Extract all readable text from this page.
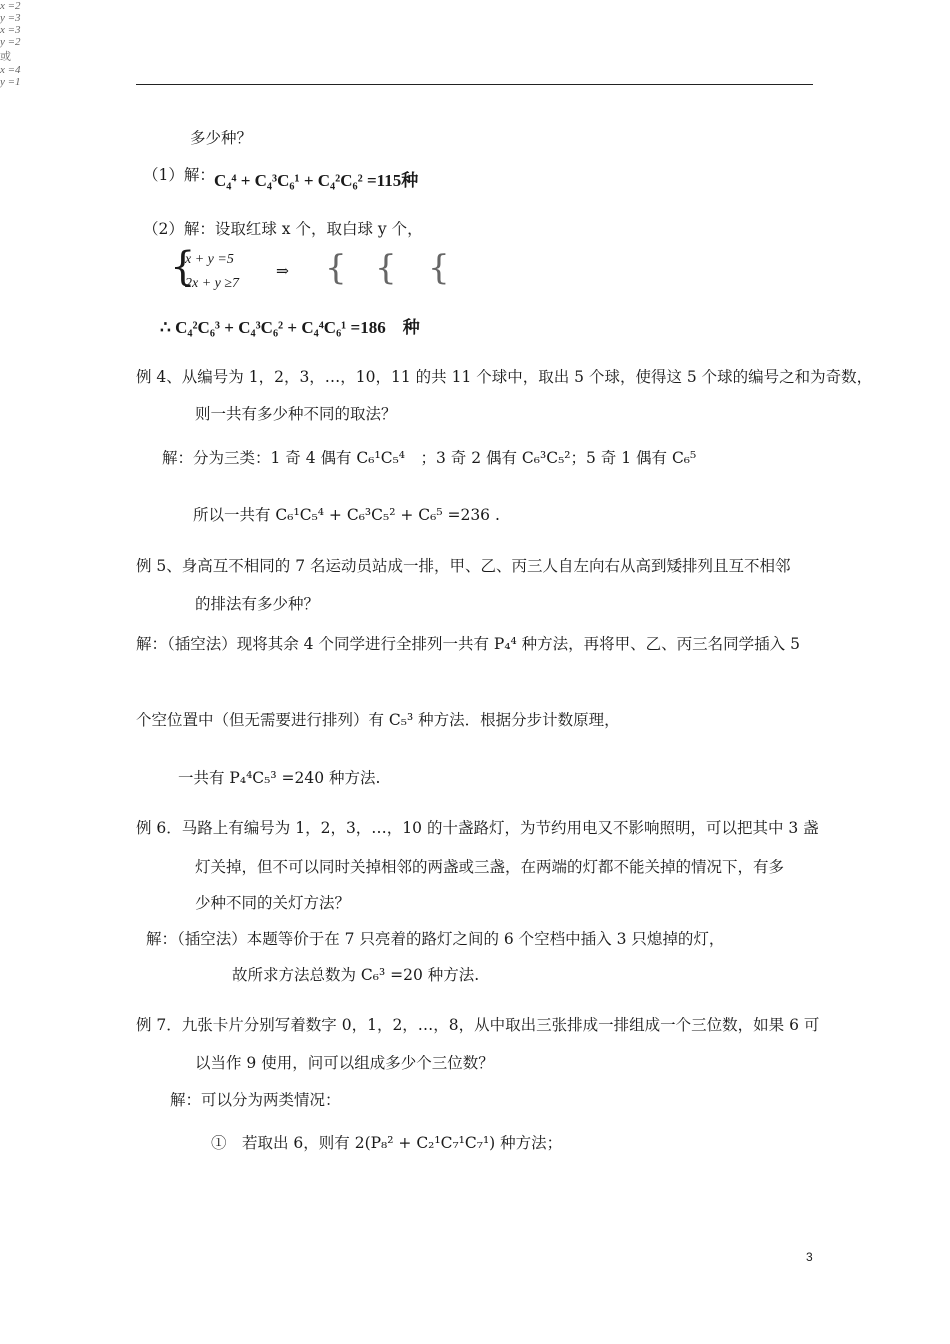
多少种？
（1）解： C₄⁴ + C₄³C₆¹ + C₄²C₆² =115种
（2）解：设取红球 x 个，取白球 y 个，
{
x + y =5
2x + y ≥7
⇒ {
x =2
y =3
{
x =3
y =2
或
{
x =4
y =1
∴ C₄²C₆³ + C₄³C₆² + C₄⁴C₆¹ =186　种
例 4、从编号为 1，2，3，…，10，11 的共 11 个球中，取出 5 个球，使得这 5 个球的编号之和为奇数，
则一共有多少种不同的取法？
解：分为三类：1 奇 4 偶有 C₆¹C₅⁴　；3 奇 2 偶有 C₆³C₅²；5 奇 1 偶有 C₆⁵
所以一共有 C₆¹C₅⁴ + C₆³C₅² + C₆⁵ =236 .
例 5、身高互不相同的 7 名运动员站成一排，甲、乙、丙三人自左向右从高到矮排列且互不相邻
的排法有多少种？
解：（插空法）现将其余 4 个同学进行全排列一共有 P₄⁴ 种方法，再将甲、乙、丙三名同学插入 5
个空位置中（但无需要进行排列）有 C₅³ 种方法．根据分步计数原理，
一共有 P₄⁴C₅³ =240 种方法.
例 6．马路上有编号为 1，2，3，…，10 的十盏路灯，为节约用电又不影响照明，可以把其中 3 盏
灯关掉，但不可以同时关掉相邻的两盏或三盏，在两端的灯都不能关掉的情况下，有多
少种不同的关灯方法？
解：（插空法）本题等价于在 7 只亮着的路灯之间的 6 个空档中插入 3 只熄掉的灯，
故所求方法总数为 C₆³ =20 种方法.
例 7．九张卡片分别写着数字 0，1，2，…，8，从中取出三张排成一排组成一个三位数，如果 6 可
以当作 9 使用，问可以组成多少个三位数？
解：可以分为两类情况：
①　若取出 6，则有 2(P₈² + C₂¹C₇¹C₇¹) 种方法；
3
